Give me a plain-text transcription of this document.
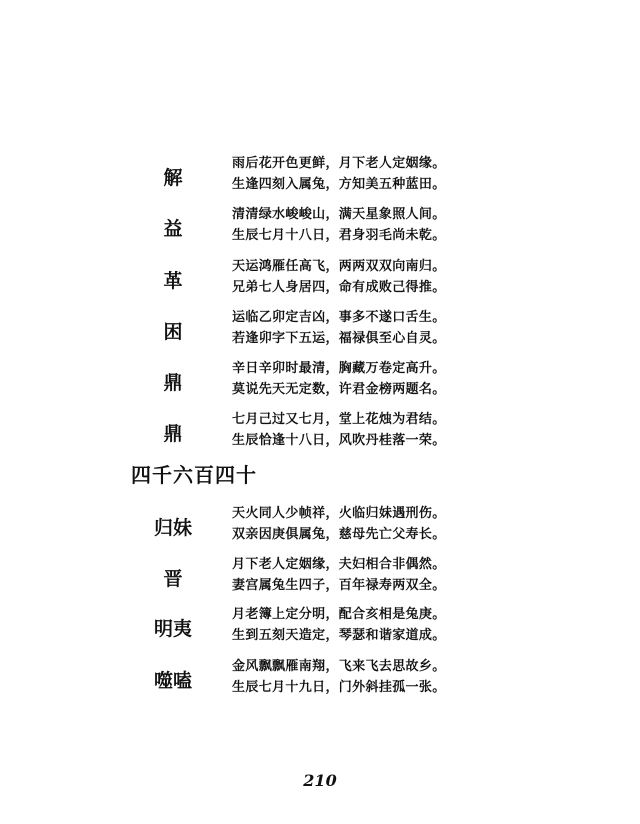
解
雨后花开色更鲜，月下老人定姻缘。
生逢四刻入属兔，方知美五种蓝田。
益
清清绿水峻峻山，满天星象照人间。
生辰七月十八日，君身羽毛尚未乾。
革
天运鸿雁任高飞，两两双双向南归。
兄弟七人身居四，命有成败己得推。
困
运临乙卯定吉凶，事多不遂口舌生。
若逢卯字下五运，福禄俱至心自灵。
鼎
辛日辛卯时最清，胸藏万卷定高升。
莫说先天无定数，许君金榜两题名。
鼎
七月己过又七月，堂上花烛为君结。
生辰恰逢十八日，风吹丹桂落一荣。
四千六百四十
归妹
天火同人少帧祥，火临归妹遇刑伤。
双亲因庚俱属兔，慈母先亡父寿长。
晋
月下老人定姻缘，夫妇相合非偶然。
妻宫属兔生四子，百年禄寿两双全。
明夷
月老簿上定分明，配合亥相是兔庚。
生到五刻天造定，琴瑟和谐家道成。
噬嗑
金风飘飘雁南翔，飞来飞去思故乡。
生辰七月十九日，门外斜挂孤一张。
210
